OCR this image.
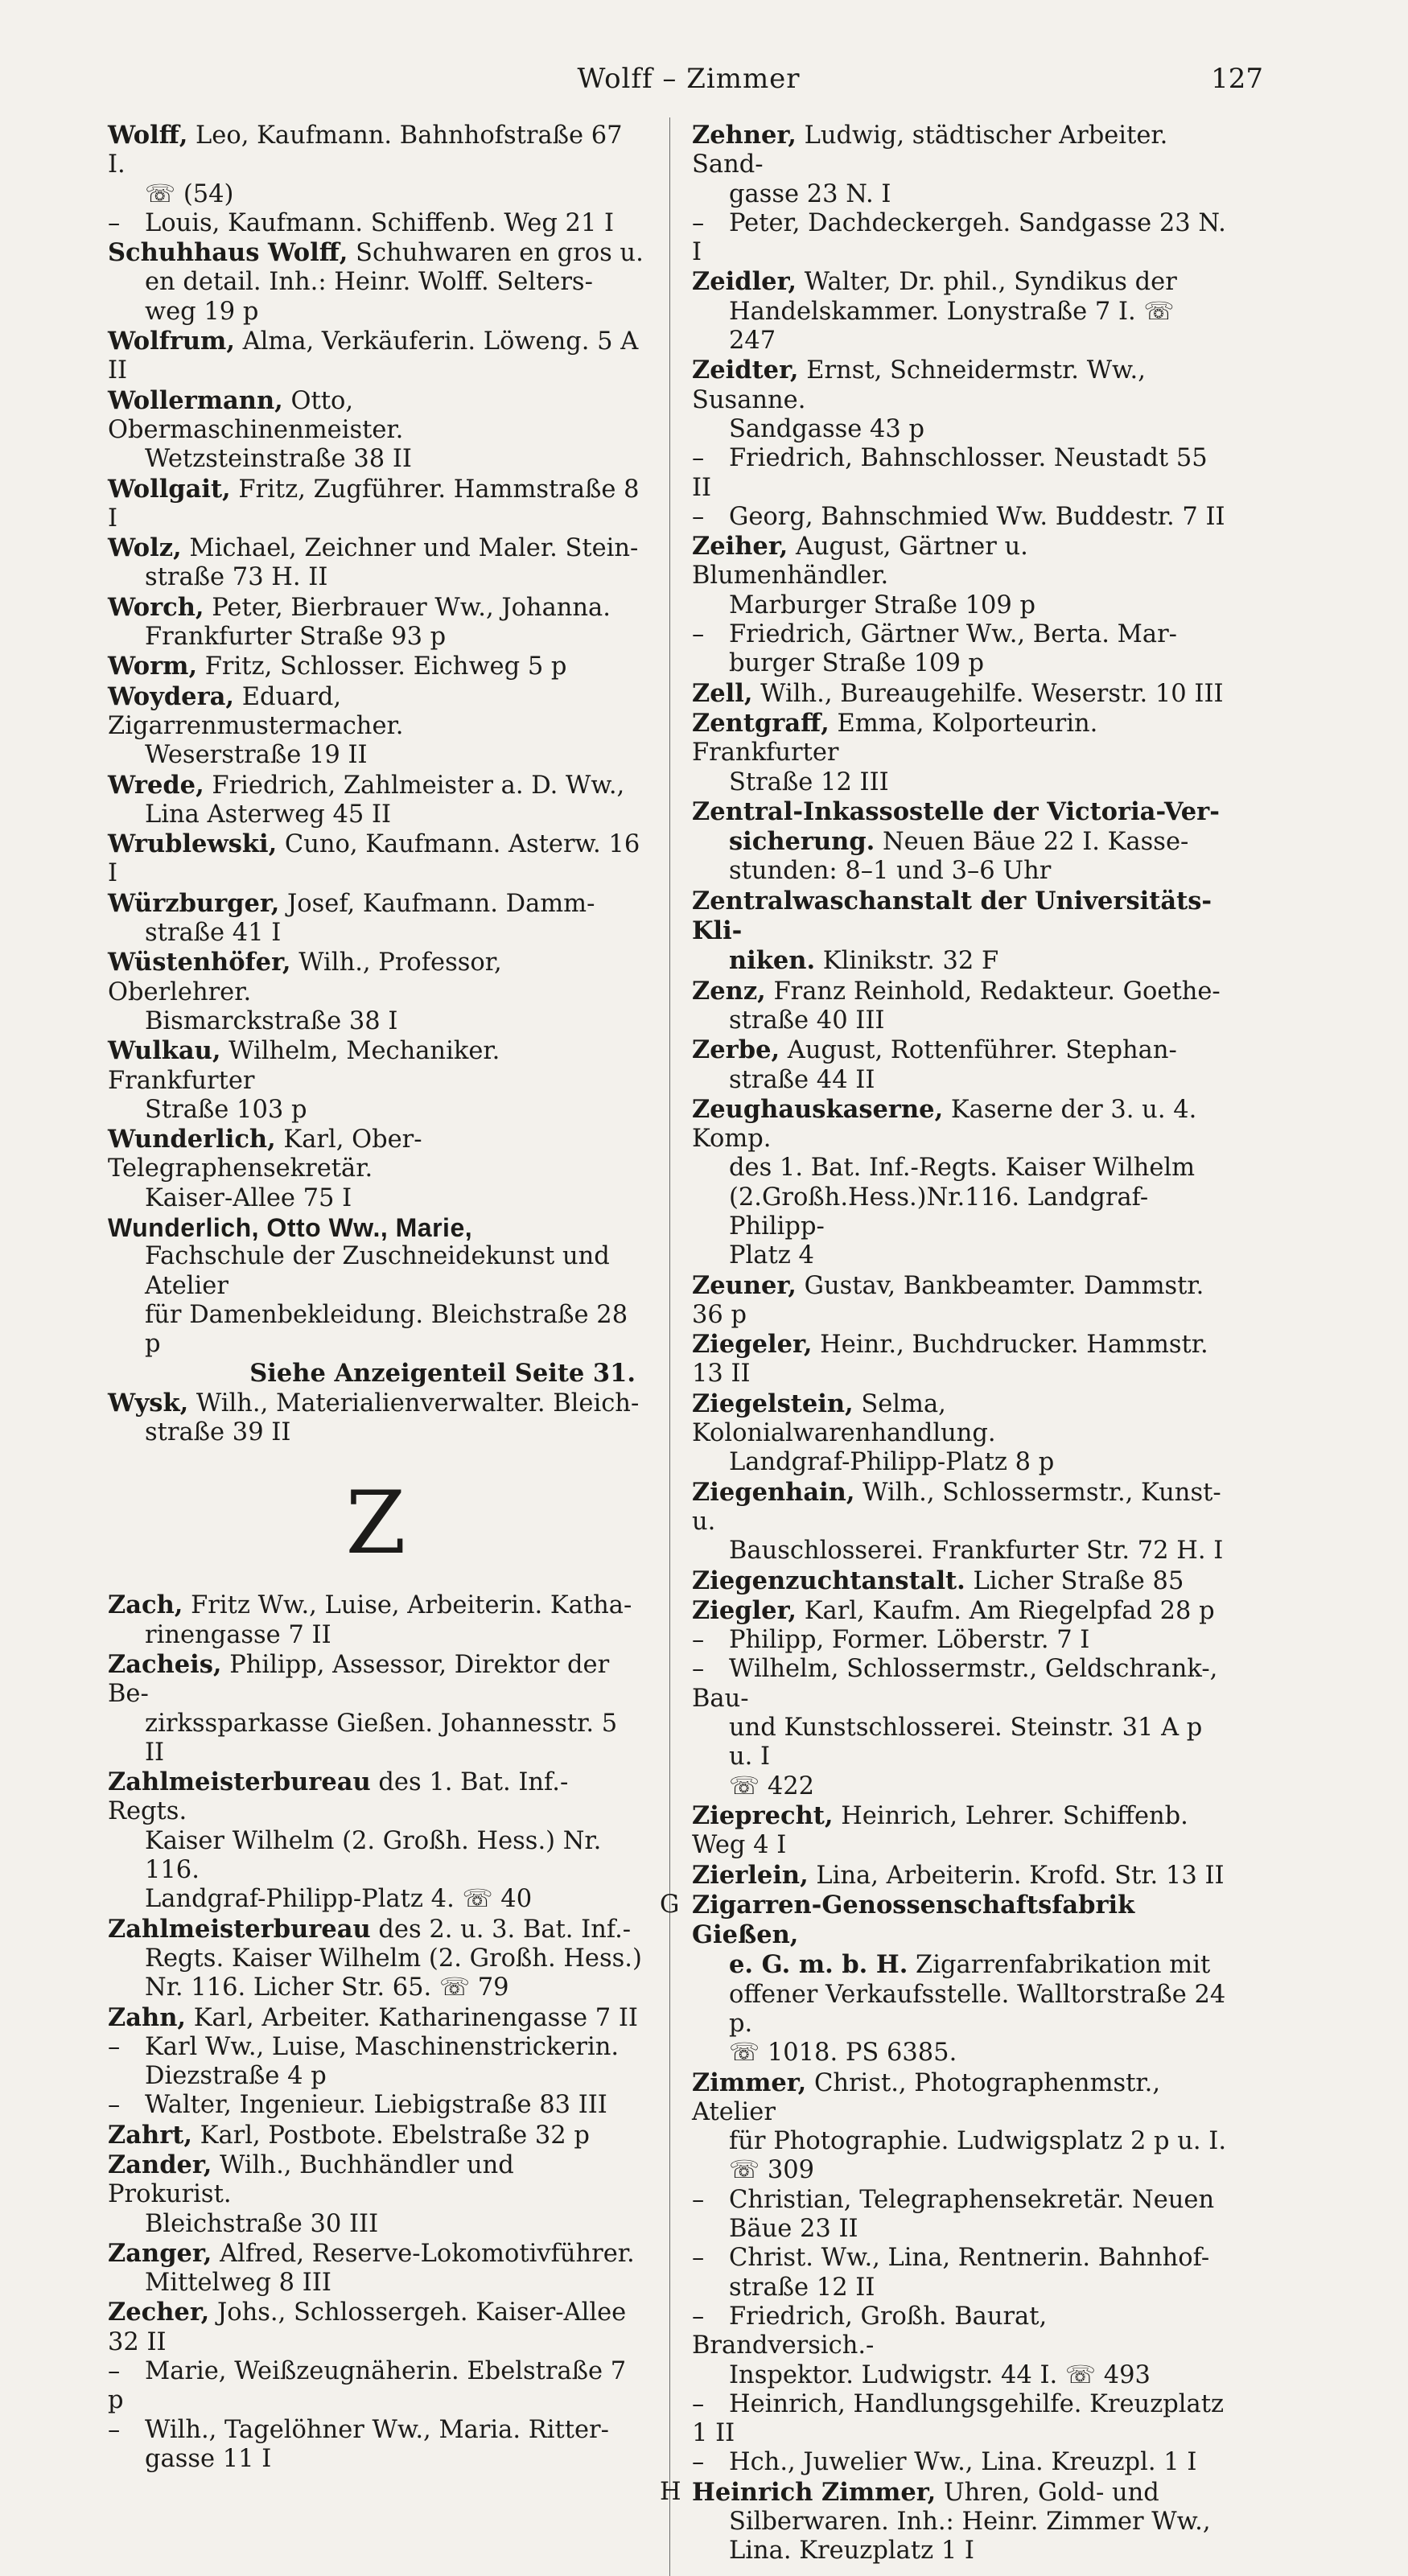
Wolff – Zimmer	127
Wolff, Leo, Kaufmann. Bahnhofstraße 67 I.
☏ (54)
– Louis, Kaufmann. Schiffenb. Weg 21 I
Schuhhaus Wolff, Schuhwaren en gros u.
en detail. Inh.: Heinr. Wolff. Selters-
weg 19 p
Wolfrum, Alma, Verkäuferin. Löweng. 5 A II
Wollermann, Otto, Obermaschinenmeister.
Wetzsteinstraße 38 II
Wollgait, Fritz, Zugführer. Hammstraße 8 I
Wolz, Michael, Zeichner und Maler. Stein-
straße 73 H. II
Worch, Peter, Bierbrauer Ww., Johanna.
Frankfurter Straße 93 p
Worm, Fritz, Schlosser. Eichweg 5 p
Woydera, Eduard, Zigarrenmustermacher.
Weserstraße 19 II
Wrede, Friedrich, Zahlmeister a. D. Ww.,
Lina Asterweg 45 II
Wrublewski, Cuno, Kaufmann. Asterw. 16 I
Würzburger, Josef, Kaufmann. Damm-
straße 41 I
Wüstenhöfer, Wilh., Professor, Oberlehrer.
Bismarckstraße 38 I
Wulkau, Wilhelm, Mechaniker. Frankfurter
Straße 103 p
Wunderlich, Karl, Ober-Telegraphensekretär.
Kaiser-Allee 75 I
Wunderlich, Otto Ww., Marie,
Fachschule der Zuschneidekunst und Atelier
für Damenbekleidung. Bleichstraße 28 p
Siehe Anzeigenteil Seite 31.
Wysk, Wilh., Materialienverwalter. Bleich-
straße 39 II
Z
Zach, Fritz Ww., Luise, Arbeiterin. Katha-
rinengasse 7 II
Zacheis, Philipp, Assessor, Direktor der Be-
zirkssparkasse Gießen. Johannesstr. 5 II
Zahlmeisterbureau des 1. Bat. Inf.-Regts.
Kaiser Wilhelm (2. Großh. Hess.) Nr. 116.
Landgraf-Philipp-Platz 4. ☏ 40
Zahlmeisterbureau des 2. u. 3. Bat. Inf.-
Regts. Kaiser Wilhelm (2. Großh. Hess.)
Nr. 116. Licher Str. 65. ☏ 79
Zahn, Karl, Arbeiter. Katharinengasse 7 II
– Karl Ww., Luise, Maschinenstrickerin.
Diezstraße 4 p
– Walter, Ingenieur. Liebigstraße 83 III
Zahrt, Karl, Postbote. Ebelstraße 32 p
Zander, Wilh., Buchhändler und Prokurist.
Bleichstraße 30 III
Zanger, Alfred, Reserve-Lokomotivführer.
Mittelweg 8 III
Zecher, Johs., Schlossergeh. Kaiser-Allee 32 II
– Marie, Weißzeugnäherin. Ebelstraße 7 p
– Wilh., Tagelöhner Ww., Maria. Ritter-
gasse 11 I
Zehner, Ludwig, städtischer Arbeiter. Sand-
gasse 23 N. I
– Peter, Dachdeckergeh. Sandgasse 23 N. I
Zeidler, Walter, Dr. phil., Syndikus der
Handelskammer. Lonystraße 7 I. ☏ 247
Zeidter, Ernst, Schneidermstr. Ww., Susanne.
Sandgasse 43 p
– Friedrich, Bahnschlosser. Neustadt 55 II
– Georg, Bahnschmied Ww. Buddestr. 7 II
Zeiher, August, Gärtner u. Blumenhändler.
Marburger Straße 109 p
– Friedrich, Gärtner Ww., Berta. Mar-
burger Straße 109 p
Zell, Wilh., Bureaugehilfe. Weserstr. 10 III
Zentgraff, Emma, Kolporteurin. Frankfurter
Straße 12 III
Zentral-Inkassostelle der Victoria-Ver-
sicherung. Neuen Bäue 22 I. Kasse-
stunden: 8–1 und 3–6 Uhr
Zentralwaschanstalt der Universitäts-Kli-
niken. Klinikstr. 32 F
Zenz, Franz Reinhold, Redakteur. Goethe-
straße 40 III
Zerbe, August, Rottenführer. Stephan-
straße 44 II
Zeughauskaserne, Kaserne der 3. u. 4. Komp.
des 1. Bat. Inf.-Regts. Kaiser Wilhelm
(2.Großh.Hess.)Nr.116. Landgraf-Philipp-
Platz 4
Zeuner, Gustav, Bankbeamter. Dammstr. 36 p
Ziegeler, Heinr., Buchdrucker. Hammstr. 13 II
Ziegelstein, Selma, Kolonialwarenhandlung.
Landgraf-Philipp-Platz 8 p
Ziegenhain, Wilh., Schlossermstr., Kunst- u.
Bauschlosserei. Frankfurter Str. 72 H. I
Ziegenzuchtanstalt. Licher Straße 85
Ziegler, Karl, Kaufm. Am Riegelpfad 28 p
– Philipp, Former. Löberstr. 7 I
– Wilhelm, Schlossermstr., Geldschrank-, Bau-
und Kunstschlosserei. Steinstr. 31 A p u. I
☏ 422
Zieprecht, Heinrich, Lehrer. Schiffenb. Weg 4 I
Zierlein, Lina, Arbeiterin. Krofd. Str. 13 II
G Zigarren-Genossenschaftsfabrik Gießen,
e. G. m. b. H. Zigarrenfabrikation mit
offener Verkaufsstelle. Walltorstraße 24 p.
☏ 1018. PS 6385.
Zimmer, Christ., Photographenmstr., Atelier
für Photographie. Ludwigsplatz 2 p u. I.
☏ 309
– Christian, Telegraphensekretär. Neuen
Bäue 23 II
– Christ. Ww., Lina, Rentnerin. Bahnhof-
straße 12 II
– Friedrich, Großh. Baurat, Brandversich.-
Inspektor. Ludwigstr. 44 I. ☏ 493
– Heinrich, Handlungsgehilfe. Kreuzplatz 1 II
– Hch., Juwelier Ww., Lina. Kreuzpl. 1 I
H Heinrich Zimmer, Uhren, Gold- und
Silberwaren. Inh.: Heinr. Zimmer Ww.,
Lina. Kreuzplatz 1 I
